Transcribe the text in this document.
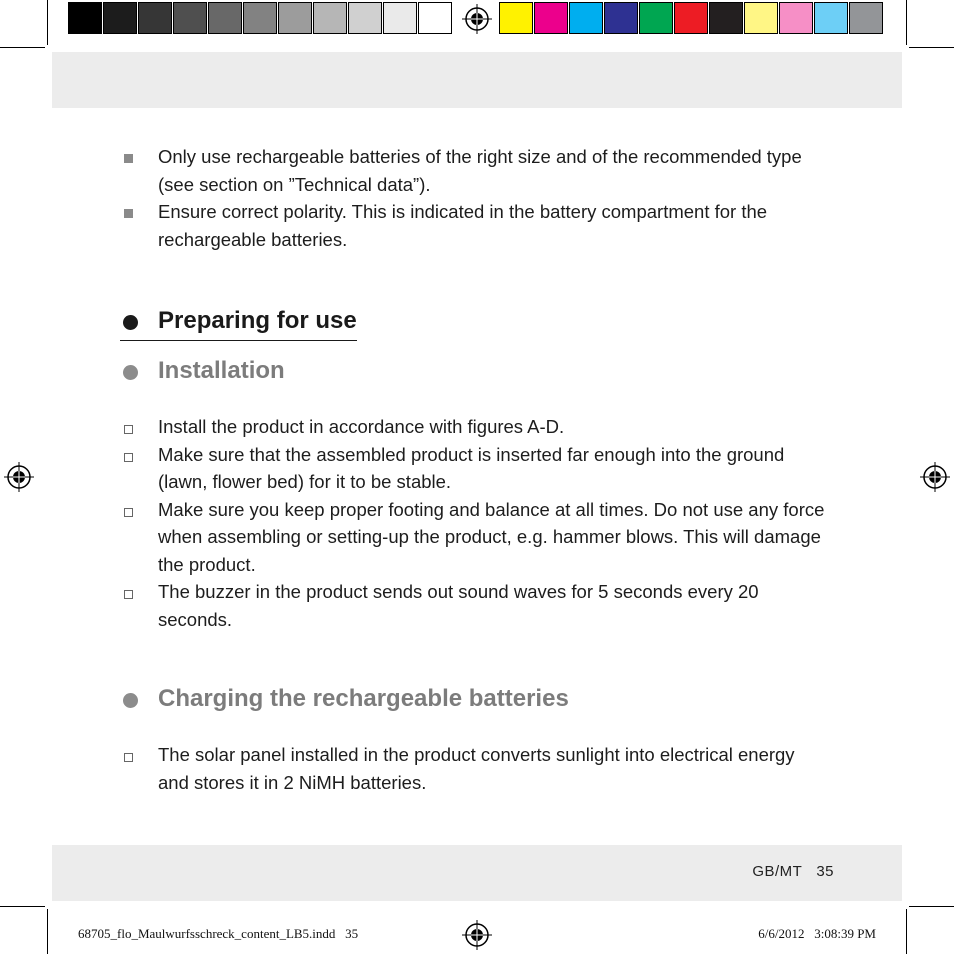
Only use rechargeable batteries of the right size and of the recommended type (see section on ”Technical data”).
Ensure correct polarity. This is indicated in the battery compartment for the rechargeable batteries.
Preparing for use
Installation
Install the product in accordance with figures A-D.
Make sure that the assembled product is inserted far enough into the ground (lawn, flower bed) for it to be stable.
Make sure you keep proper footing and balance at all times. Do not use any force when assembling or setting-up the product, e.g. hammer blows. This will damage the product.
The buzzer in the product sends out sound waves for 5 seconds every 20 seconds.
Charging the rechargeable batteries
The solar panel installed in the product converts sunlight into electrical energy and stores it in 2 NiMH batteries.
GB/MT 35
68705_flo_Maulwurfsschreck_content_LB5.indd   35	6/6/2012   3:08:39 PM
